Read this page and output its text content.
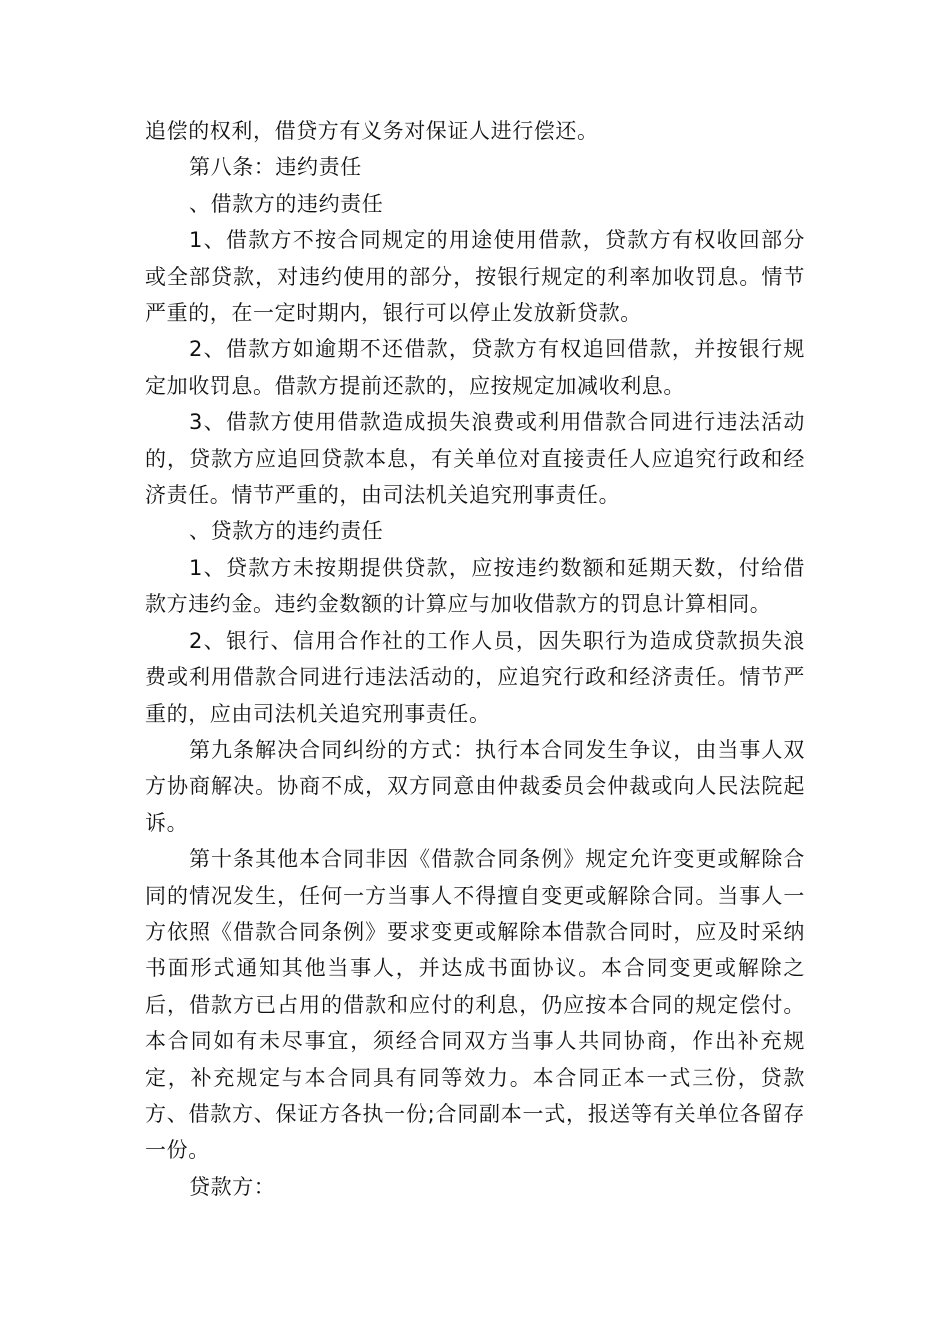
追偿的权利，借贷方有义务对保证人进行偿还。

第八条：违约责任

、借款方的违约责任

1、借款方不按合同规定的用途使用借款，贷款方有权收回部分或全部贷款，对违约使用的部分，按银行规定的利率加收罚息。情节严重的，在一定时期内，银行可以停止发放新贷款。

2、借款方如逾期不还借款，贷款方有权追回借款，并按银行规定加收罚息。借款方提前还款的，应按规定加减收利息。

3、借款方使用借款造成损失浪费或利用借款合同进行违法活动的，贷款方应追回贷款本息，有关单位对直接责任人应追究行政和经济责任。情节严重的，由司法机关追究刑事责任。

、贷款方的违约责任

1、贷款方未按期提供贷款，应按违约数额和延期天数，付给借款方违约金。违约金数额的计算应与加收借款方的罚息计算相同。

2、银行、信用合作社的工作人员，因失职行为造成贷款损失浪费或利用借款合同进行违法活动的，应追究行政和经济责任。情节严重的，应由司法机关追究刑事责任。

第九条解决合同纠纷的方式：执行本合同发生争议，由当事人双方协商解决。协商不成，双方同意由仲裁委员会仲裁或向人民法院起诉。

第十条其他本合同非因《借款合同条例》规定允许变更或解除合同的情况发生，任何一方当事人不得擅自变更或解除合同。当事人一方依照《借款合同条例》要求变更或解除本借款合同时，应及时采纳书面形式通知其他当事人，并达成书面协议。本合同变更或解除之后，借款方已占用的借款和应付的利息，仍应按本合同的规定偿付。本合同如有未尽事宜，须经合同双方当事人共同协商，作出补充规定，补充规定与本合同具有同等效力。本合同正本一式三份，贷款方、借款方、保证方各执一份;合同副本一式，报送等有关单位各留存一份。

贷款方：
